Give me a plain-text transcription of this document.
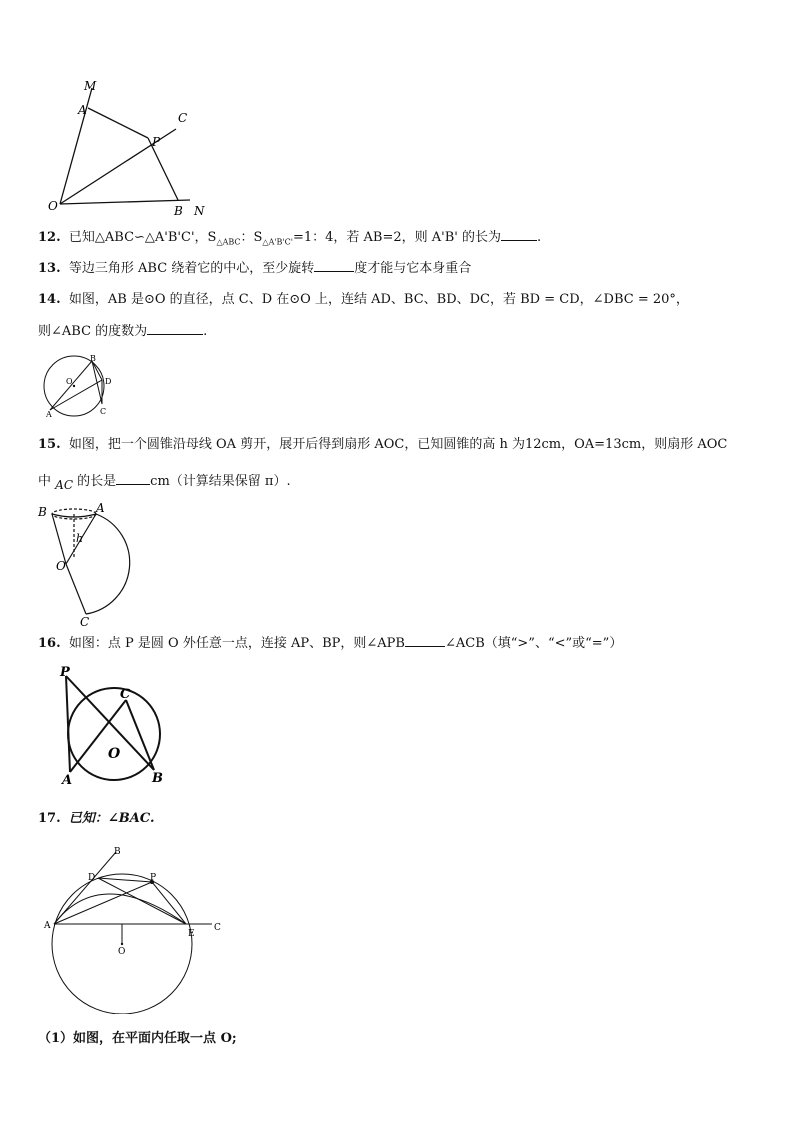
M
A
C
P
O	B N
12. 已知△ABC∽△A'B'C'，$S_{\triangle ABC}$：$S_{\triangle A'B'C'}=1$：4，若 AB=2，则 A'B' 的长为	.
13. 等边三角形 ABC 绕着它的中心，至少旋转	度才能与它本身重合
14. 如图，AB 是⊙O 的直径，点 C、D 在⊙O 上，连结 AD、BC、BD、DC，若 BD = CD，∠DBC = 20°，
则∠ABC 的度数为	.
B
D
O
A	C
15. 如图，把一个圆锥沿母线 OA 剪开，展开后得到扇形 AOC，已知圆锥的高 h 为12cm，OA=13cm，则扇形 AOC
中 AC 的长是	cm（计算结果保留 π）.
B	A
h
O
C
16. 如图：点 P 是圆 O 外任意一点，连接 AP、BP，则∠APB	∠ACB（填“>”、“<”或“=”）
P
C
O
A	B
17. 已知：∠BAC.
B
D	P
A
E
C
O
（1）如图，在平面内任取一点 O;
